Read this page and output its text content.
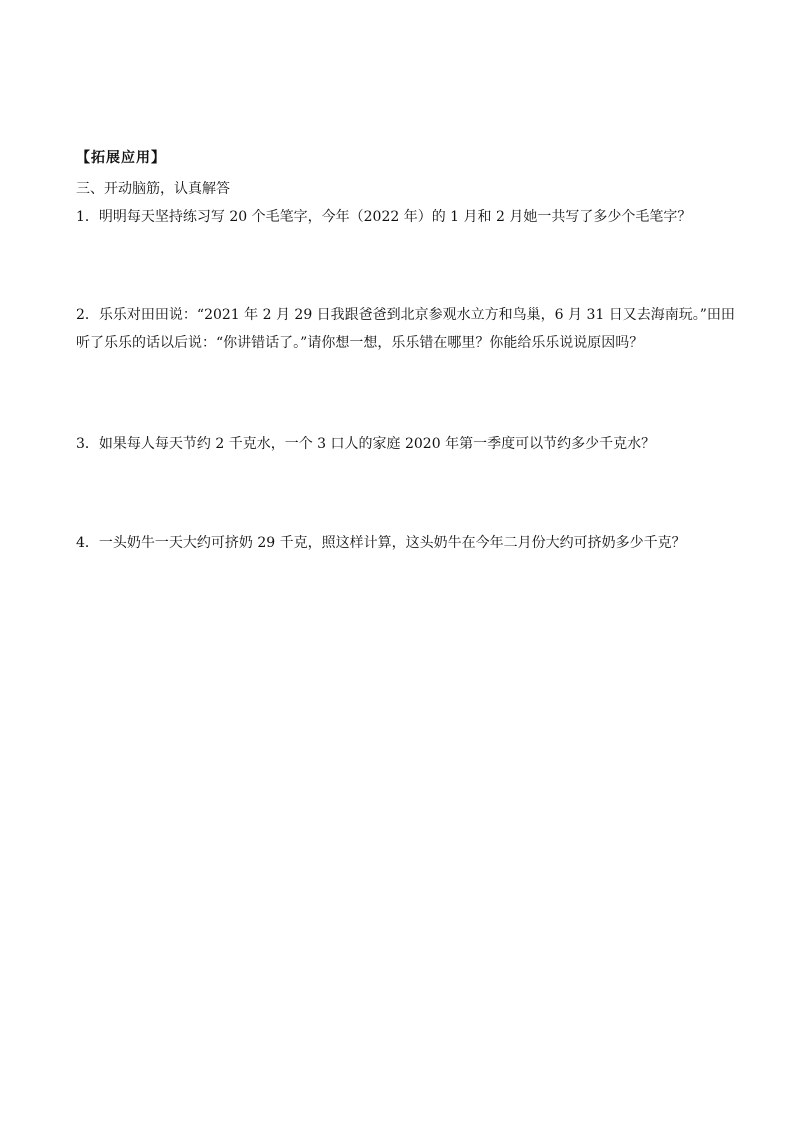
【拓展应用】
三、开动脑筋，认真解答
1．明明每天坚持练习写 20 个毛笔字，今年（2022 年）的 1 月和 2 月她一共写了多少个毛笔字？
2．乐乐对田田说：“2021 年 2 月 29 日我跟爸爸到北京参观水立方和鸟巢，6 月 31 日又去海南玩。”田田
听了乐乐的话以后说：“你讲错话了。”请你想一想，乐乐错在哪里？你能给乐乐说说原因吗？
3．如果每人每天节约 2 千克水，一个 3 口人的家庭 2020 年第一季度可以节约多少千克水？
4．一头奶牛一天大约可挤奶 29 千克，照这样计算，这头奶牛在今年二月份大约可挤奶多少千克？
